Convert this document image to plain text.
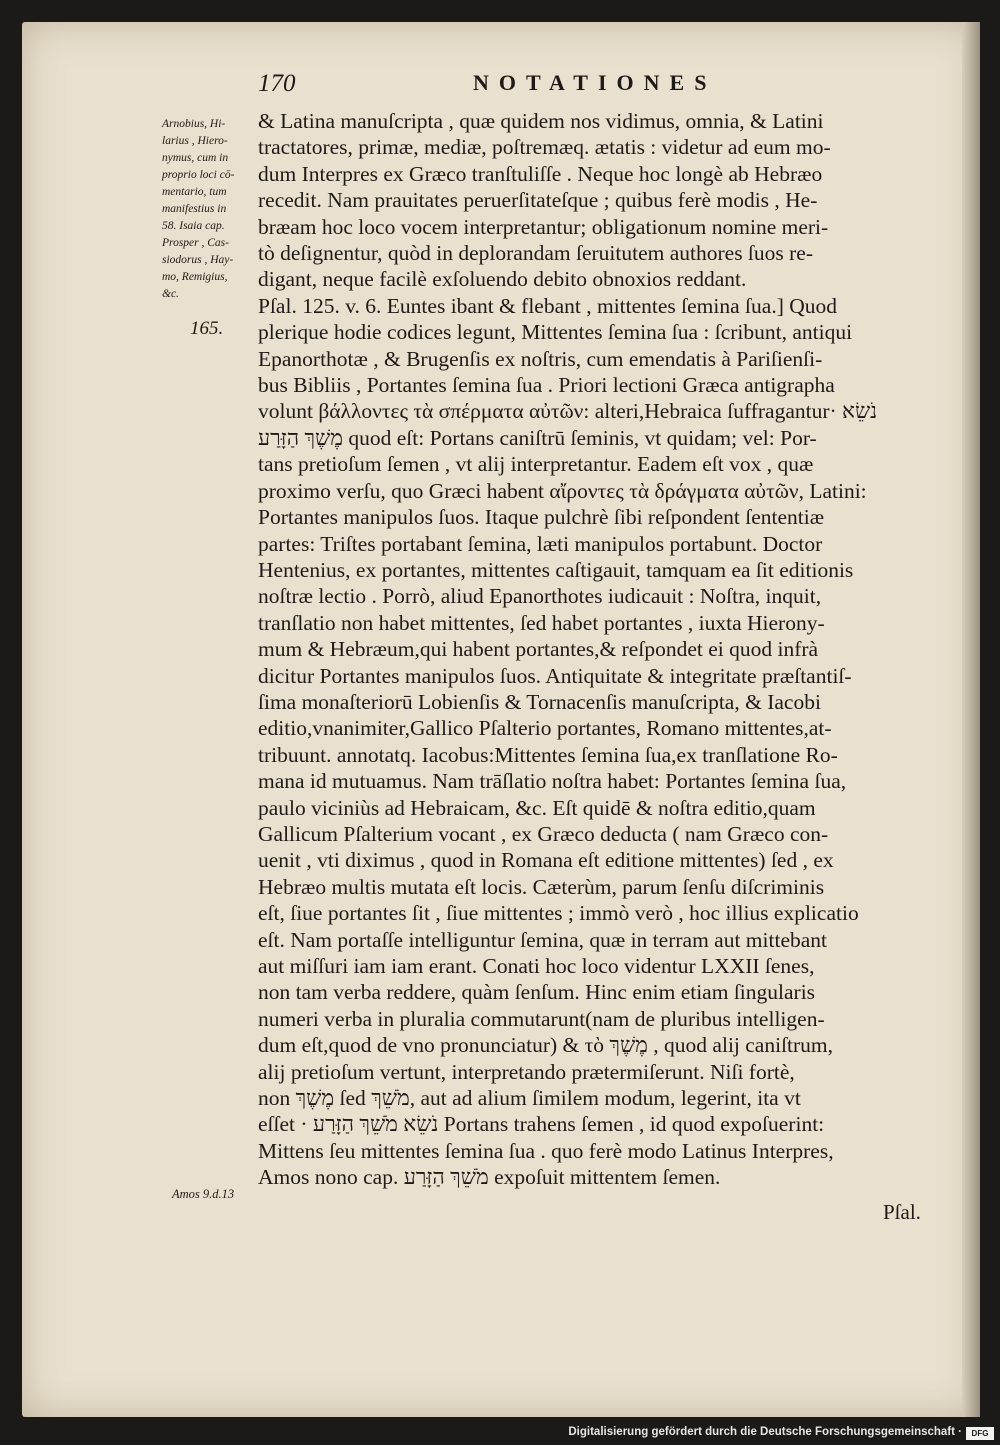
170	NOTATIONES
Arnobius, Hi-
larius , Hiero-
nymus, cum in
proprio loci cō-
mentario, tum
manifestius in
58. Isaia cap.
Prosper , Cas-
siodorus , Hay-
mo, Remigius,
&c.
165.
Amos 9.d.13
& Latina manuſcripta , quæ quidem nos vidimus, omnia, & Latini
tractatores, primæ, mediæ, poſtremæq. ætatis : videtur ad eum mo-
dum Interpres ex Græco tranſtuliſſe . Neque hoc longè ab Hebræo
recedit. Nam prauitates peruerſitateſque ; quibus ferè modis , He-
bræam hoc loco vocem interpretantur; obligationum nomine meri-
tò deſignentur, quòd in deplorandam ſeruitutem authores ſuos re-
digant, neque facilè exſoluendo debito obnoxios reddant.
Pſal. 125. v. 6. Euntes ibant & flebant , mittentes ſemina ſua.] Quod
plerique hodie codices legunt, Mittentes ſemina ſua : ſcribunt, antiqui
Epanorthotæ , & Brugenſis ex noſtris, cum emendatis à Pariſienſi-
bus Bibliis , Portantes ſemina ſua . Priori lectioni Græca antigrapha
volunt βάλλοντες τὰ σπέρματα αὐτῶν: alteri,Hebraica ſuffragantur· נֹשֵׂא
מֶשֶׁךְ הַזָּרַע quod eſt: Portans caniſtrū ſeminis, vt quidam; vel: Por-
tans pretioſum ſemen , vt alij interpretantur. Eadem eſt vox , quæ
proximo verſu, quo Græci habent αἴροντες τὰ δράγματα αὐτῶν, Latini:
Portantes manipulos ſuos. Itaque pulchrè ſibi reſpondent ſententiæ
partes: Triſtes portabant ſemina, læti manipulos portabunt. Doctor
Hentenius, ex portantes, mittentes caſtigauit, tamquam ea ſit editionis
noſtræ lectio . Porrò, aliud Epanorthotes iudicauit : Noſtra, inquit,
tranſlatio non habet mittentes, ſed habet portantes , iuxta Hierony-
mum & Hebræum,qui habent portantes,& reſpondet ei quod infrà
dicitur Portantes manipulos ſuos. Antiquitate & integritate præſtantiſ-
ſima monaſteriorū Lobienſis & Tornacenſis manuſcripta, & Iacobi
editio,vnanimiter,Gallico Pſalterio portantes, Romano mittentes,at-
tribuunt. annotatq. Iacobus:Mittentes ſemina ſua,ex tranſlatione Ro-
mana id mutuamus. Nam trāſlatio noſtra habet: Portantes ſemina ſua,
paulo viciniùs ad Hebraicam, &c. Eſt quidē & noſtra editio,quam
Gallicum Pſalterium vocant , ex Græco deducta ( nam Græco con-
uenit , vti diximus , quod in Romana eſt editione mittentes) ſed , ex
Hebræo multis mutata eſt locis. Cæterùm, parum ſenſu diſcriminis
eſt, ſiue portantes ſit , ſiue mittentes ; immò verò , hoc illius explicatio
eſt. Nam portaſſe intelliguntur ſemina, quæ in terram aut mittebant
aut miſſuri iam iam erant. Conati hoc loco videntur LXXII ſenes,
non tam verba reddere, quàm ſenſum. Hinc enim etiam ſingularis
numeri verba in pluralia commutarunt(nam de pluribus intelligen-
dum eſt,quod de vno pronunciatur) & τὸ מֶשֶׁךְ , quod alij caniſtrum,
alij pretioſum vertunt, interpretando prætermiſerunt. Niſi fortè,
non מֶשֶׁךְ ſed מֹשֵׁךְ, aut ad alium ſimilem modum, legerint, ita vt
eſſet · נֹשֵׂא מֹשֵׁךְ הַזָּרַע Portans trahens ſemen , id quod expoſuerint:
Mittens ſeu mittentes ſemina ſua . quo ferè modo Latinus Interpres,
Amos nono cap. מֹשֵׁךְ הַזָּרַע expoſuit mittentem ſemen.
Pſal.
Digitalisierung gefördert durch die Deutsche Forschungsgemeinschaft ·	DFG
